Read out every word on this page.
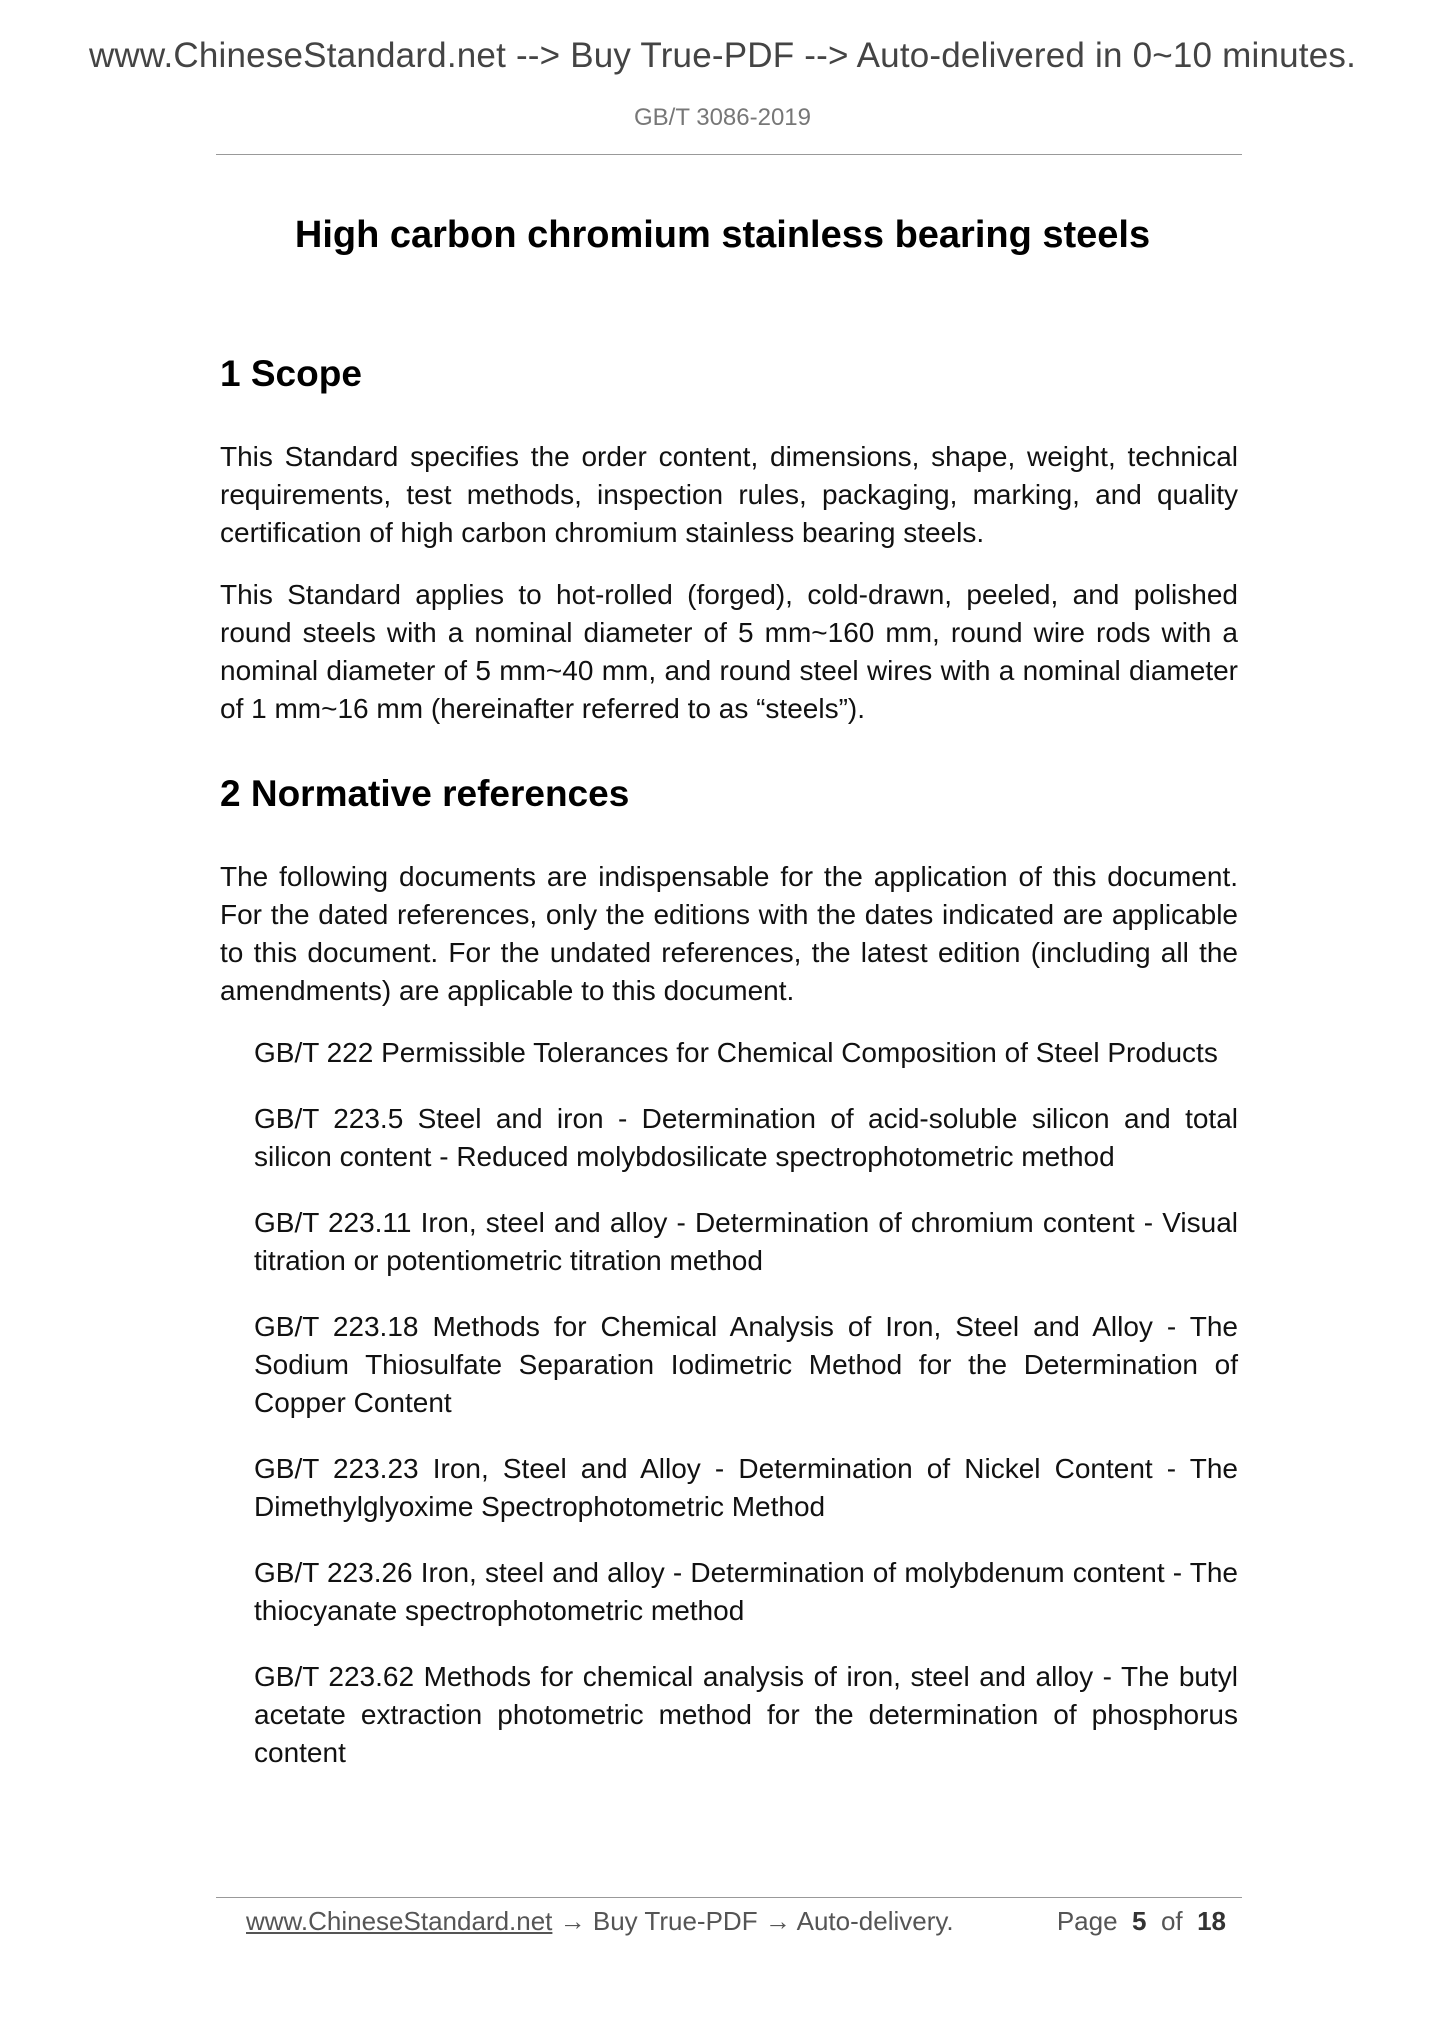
www.ChineseStandard.net --> Buy True-PDF --> Auto-delivered in 0~10 minutes.
GB/T 3086-2019
High carbon chromium stainless bearing steels
1 Scope

This Standard specifies the order content, dimensions, shape, weight, technical requirements, test methods, inspection rules, packaging, marking, and quality certification of high carbon chromium stainless bearing steels.

This Standard applies to hot-rolled (forged), cold-drawn, peeled, and polished round steels with a nominal diameter of 5 mm~160 mm, round wire rods with a nominal diameter of 5 mm~40 mm, and round steel wires with a nominal diameter of 1 mm~16 mm (hereinafter referred to as “steels”).

2 Normative references

The following documents are indispensable for the application of this document. For the dated references, only the editions with the dates indicated are applicable to this document. For the undated references, the latest edition (including all the amendments) are applicable to this document.

GB/T 222 Permissible Tolerances for Chemical Composition of Steel Products

GB/T 223.5 Steel and iron - Determination of acid-soluble silicon and total silicon content - Reduced molybdosilicate spectrophotometric method

GB/T 223.11 Iron, steel and alloy - Determination of chromium content - Visual titration or potentiometric titration method

GB/T 223.18 Methods for Chemical Analysis of Iron, Steel and Alloy - The Sodium Thiosulfate Separation Iodimetric Method for the Determination of Copper Content

GB/T 223.23 Iron, Steel and Alloy - Determination of Nickel Content - The Dimethylglyoxime Spectrophotometric Method

GB/T 223.26 Iron, steel and alloy - Determination of molybdenum content - The thiocyanate spectrophotometric method

GB/T 223.62 Methods for chemical analysis of iron, steel and alloy - The butyl acetate extraction photometric method for the determination of phosphorus content

www.ChineseStandard.net → Buy True-PDF → Auto-delivery.	Page 5 of 18
